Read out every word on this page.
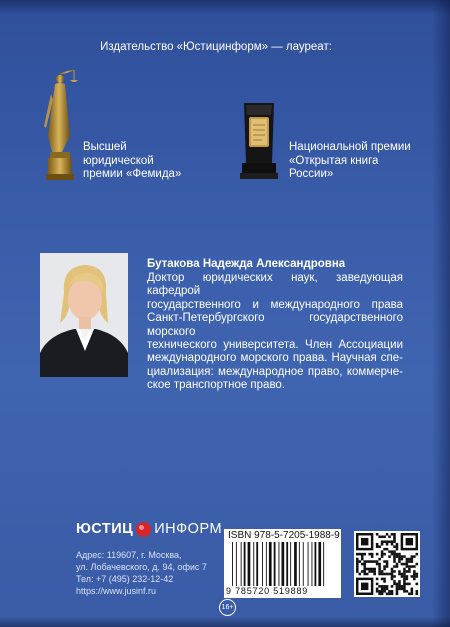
Издательство «Юстицинформ» — лауреат:
Высшей
юридической
премии «Фемида»
Национальной премии
«Открытая книга
России»
Бутакова Надежда Александровна
Доктор юридических наук, заведующая кафедрой
государственного и международного права
Санкт-Петербургского государственного морского
технического университета. Член Ассоциации
международного морского права. Научная спе-
циализация: международное право, коммерче-
ское транспортное право.
ЮСТИЦ ИНФОРМ
Адрес: 119607, г. Москва,
ул. Лобачевского, д. 94, офис 7
Тел: +7 (495) 232-12-42
https://www.jusinf.ru
ISBN 978-5-7205-1988-9
9 785720 519889
16+
